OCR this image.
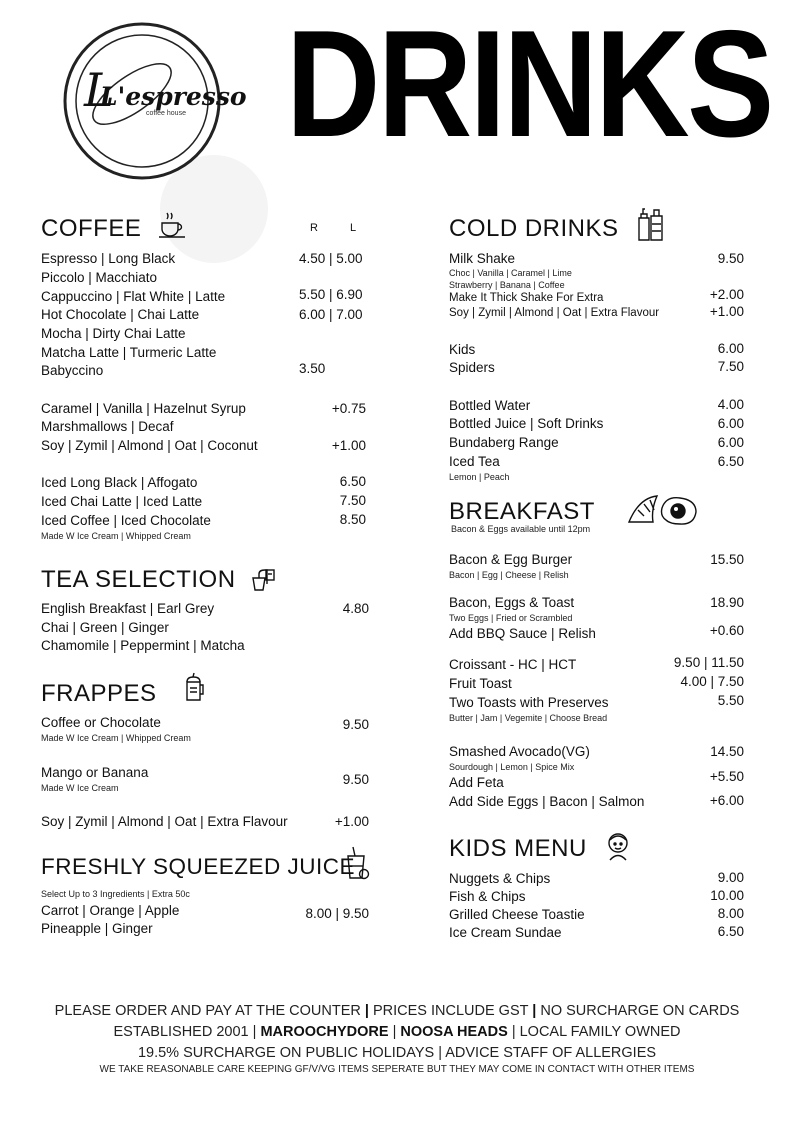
L
L'espresso
coffee house DRINKS
COFFEE	R	L
Espresso | Long Black	4.50 | 5.00
Piccolo | Macchiato
Cappuccino | Flat White | Latte	5.50 | 6.90
Hot Chocolate | Chai Latte	6.00 | 7.00
Mocha | Dirty Chai Latte
Matcha Latte | Turmeric Latte
Babyccino	3.50
Caramel | Vanilla | Hazelnut Syrup	+0.75
Marshmallows | Decaf
Soy | Zymil | Almond | Oat | Coconut	+1.00
Iced Long Black | Affogato	6.50
Iced Chai Latte | Iced Latte	7.50
Iced Coffee | Iced Chocolate	8.50
Made W Ice Cream | Whipped Cream
TEA SELECTION
English Breakfast | Earl Grey	4.80
Chai | Green | Ginger
Chamomile | Peppermint | Matcha
FRAPPES
Coffee or Chocolate
Made W Ice Cream | Whipped Cream
9.50
Mango or Banana
Made W Ice Cream
9.50
Soy | Zymil | Almond | Oat | Extra Flavour	+1.00
FRESHLY SQUEEZED JUICE
Select Up to 3 Ingredients | Extra 50c
Carrot | Orange | Apple
Pineapple | Ginger
8.00 | 9.50
COLD DRINKS
Milk Shake	9.50
Choc | Vanilla | Caramel | Lime
Strawberry | Banana | Coffee
Make It Thick Shake For Extra	+2.00
Soy | Zymil | Almond | Oat | Extra Flavour	+1.00
Kids	6.00
Spiders	7.50
Bottled Water	4.00
Bottled Juice | Soft Drinks	6.00
Bundaberg Range	6.00
Iced Tea	6.50
Lemon | Peach
BREAKFAST
Bacon & Eggs available until 12pm
Bacon & Egg Burger
Bacon | Egg | Cheese | Relish
15.50
Bacon, Eggs & Toast
Two Eggs | Fried or Scrambled
18.90
Add BBQ Sauce | Relish	+0.60
Croissant - HC | HCT	9.50 | 11.50
Fruit Toast	4.00 | 7.50
Two Toasts with Preserves
Butter | Jam | Vegemite | Choose Bread
5.50
Smashed Avocado(VG)
Sourdough | Lemon | Spice Mix
14.50
Add Feta	+5.50
Add Side Eggs | Bacon | Salmon	+6.00
KIDS MENU
Nuggets & Chips	9.00
Fish & Chips	10.00
Grilled Cheese Toastie	8.00
Ice Cream Sundae	6.50
PLEASE ORDER AND PAY AT THE COUNTER | PRICES INCLUDE GST | NO SURCHARGE ON CARDS
ESTABLISHED 2001 | MAROOCHYDORE | NOOSA HEADS | LOCAL FAMILY OWNED
19.5% SURCHARGE ON PUBLIC HOLIDAYS | ADVICE STAFF OF ALLERGIES
WE TAKE REASONABLE CARE KEEPING GF/V/VG ITEMS SEPERATE BUT THEY MAY COME IN CONTACT WITH OTHER ITEMS
